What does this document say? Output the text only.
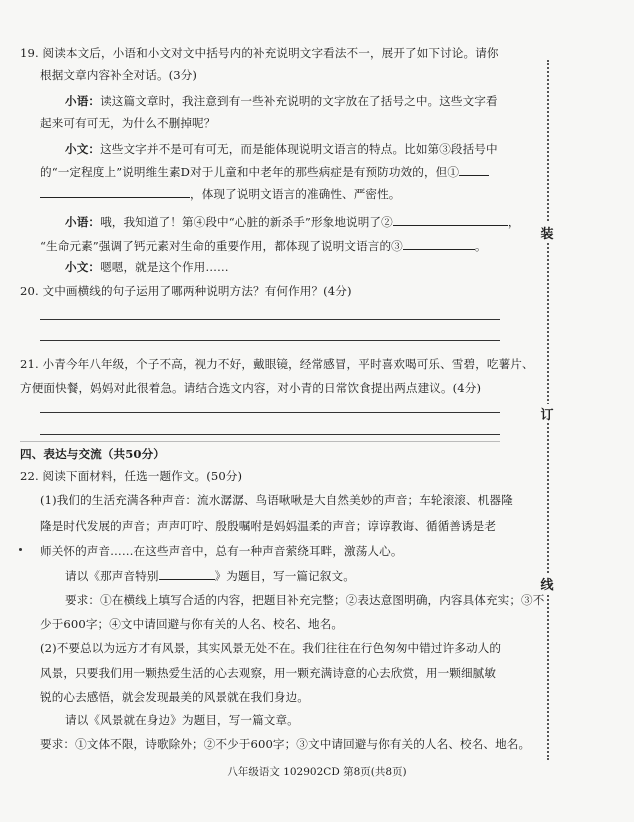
19. 阅读本文后，小语和小文对文中括号内的补充说明文字看法不一，展开了如下讨论。请你
根据文章内容补全对话。(3分)
小语：读这篇文章时，我注意到有一些补充说明的文字放在了括号之中。这些文字看
起来可有可无，为什么不删掉呢？
小文：这些文字并不是可有可无，而是能体现说明文语言的特点。比如第③段括号中
的“一定程度上”说明维生素D对于儿童和中老年的那些病症是有预防功效的，但①
，体现了说明文语言的准确性、严密性。
小语：哦，我知道了！第④段中“心脏的新杀手”形象地说明了②	，
“生命元素”强调了钙元素对生命的重要作用，都体现了说明文语言的③	。
小文：嗯嗯，就是这个作用……
20. 文中画横线的句子运用了哪两种说明方法？有何作用？(4分)
21. 小青今年八年级，个子不高，视力不好，戴眼镜，经常感冒，平时喜欢喝可乐、雪碧，吃薯片、
方便面快餐，妈妈对此很着急。请结合选文内容，对小青的日常饮食提出两点建议。(4分)
四、表达与交流（共50分）
22. 阅读下面材料，任选一题作文。(50分)
(1)我们的生活充满各种声音：流水潺潺、鸟语啾啾是大自然美妙的声音；车轮滚滚、机器隆
隆是时代发展的声音；声声叮咛、殷殷嘱咐是妈妈温柔的声音；谆谆教诲、循循善诱是老
师关怀的声音……在这些声音中，总有一种声音萦绕耳畔，激荡人心。
请以《那声音特别	》为题目，写一篇记叙文。
要求：①在横线上填写合适的内容，把题目补充完整；②表达意图明确，内容具体充实；③不
少于600字；④文中请回避与你有关的人名、校名、地名。
(2)不要总以为远方才有风景，其实风景无处不在。我们往往在行色匆匆中错过许多动人的
风景，只要我们用一颗热爱生活的心去观察，用一颗充满诗意的心去欣赏，用一颗细腻敏
锐的心去感悟，就会发现最美的风景就在我们身边。
请以《风景就在身边》为题目，写一篇文章。
要求：①文体不限，诗歌除外；②不少于600字；③文中请回避与你有关的人名、校名、地名。
装
订
线
八年级语文 102902CD 第8页(共8页)
